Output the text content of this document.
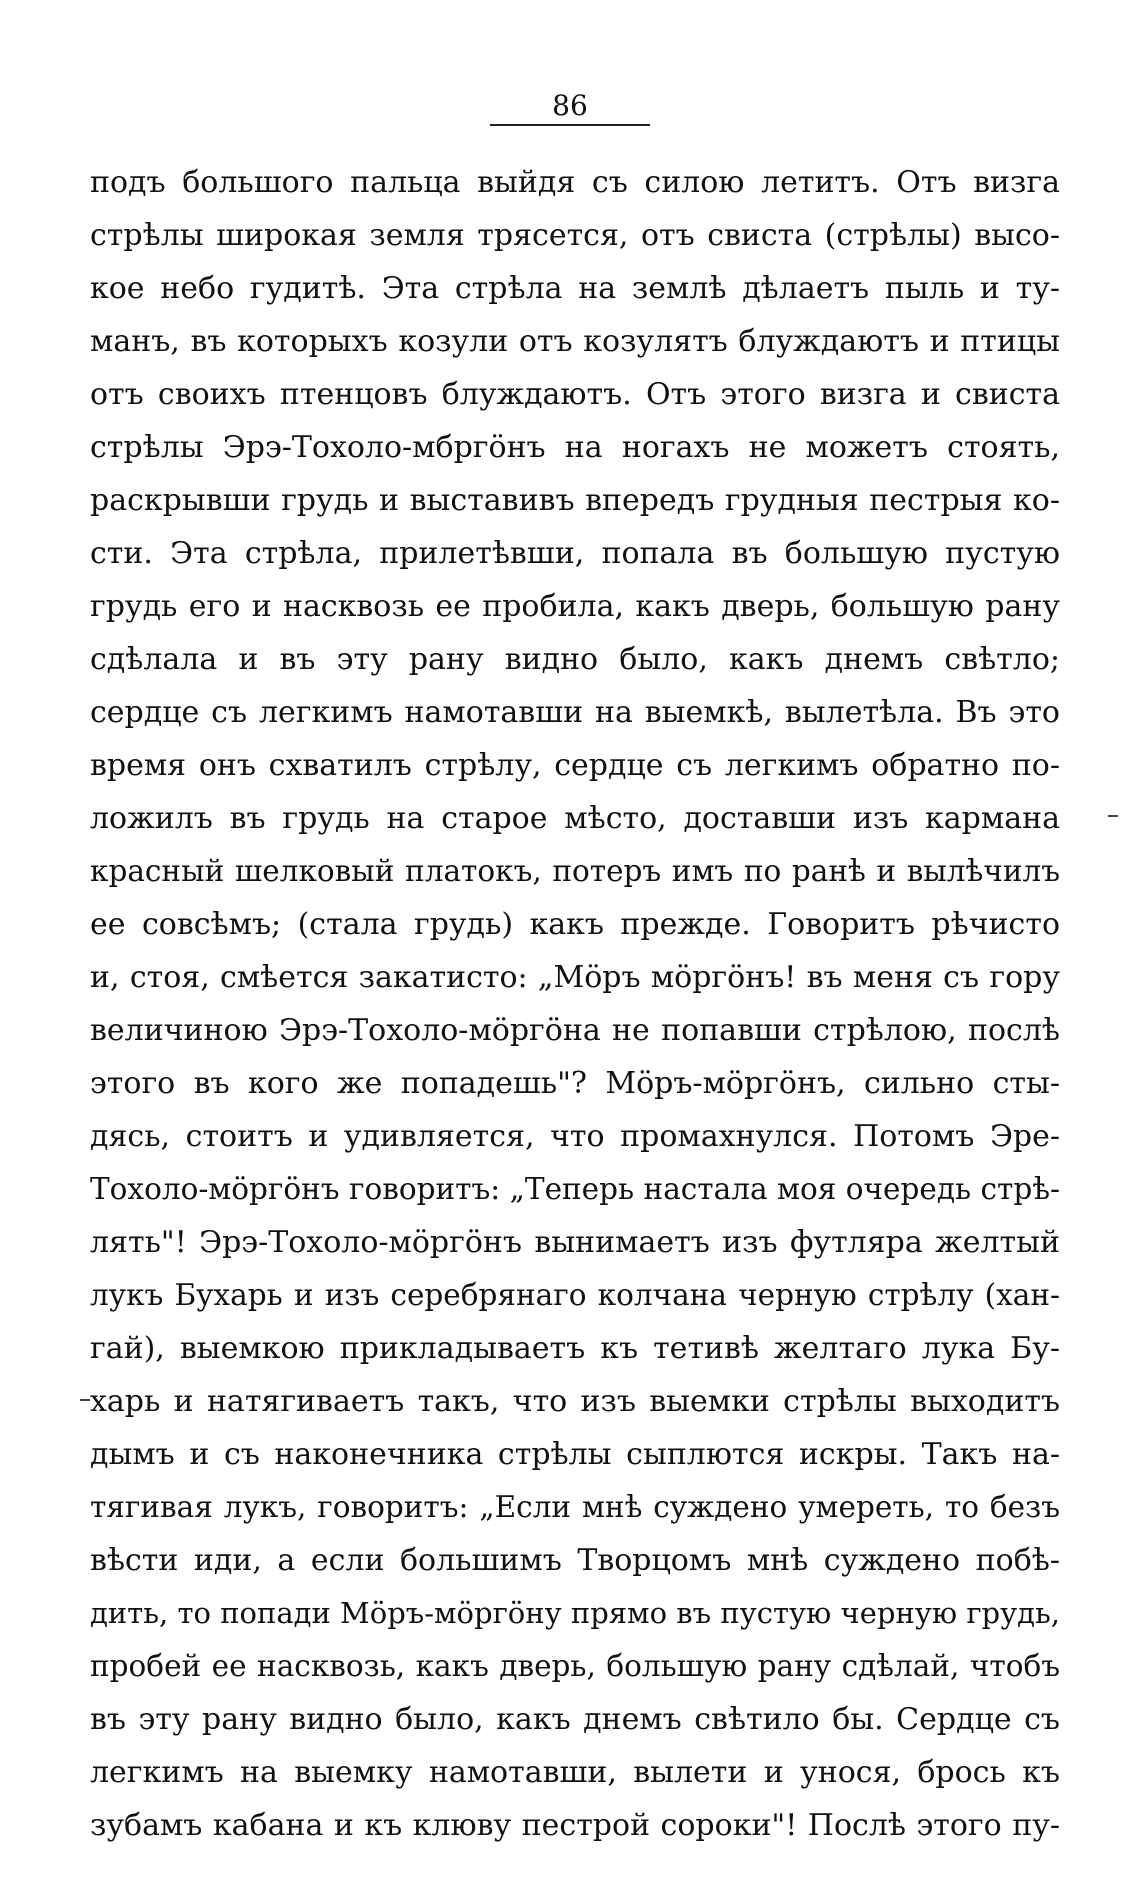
86
подъ большого пальца выйдя съ силою летитъ. Отъ визга
стрѣлы широкая земля трясется, отъ свиста (стрѣлы) высо-
кое небо гудитѣ. Эта стрѣла на землѣ дѣлаетъ пыль и ту-
манъ, въ которыхъ козули отъ козулятъ блуждаютъ и птицы
отъ своихъ птенцовъ блуждаютъ. Отъ этого визга и свиста
стрѣлы Эрэ-Тохоло-мбргöнъ на ногахъ не можетъ стоять,
раскрывши грудь и выставивъ впередъ грудныя пестрыя ко-
сти. Эта стрѣла, прилетѣвши, попала въ большую пустую
грудь его и насквозь ее пробила, какъ дверь, большую рану
сдѣлала и въ эту рану видно было, какъ днемъ свѣтло;
сердце съ легкимъ намотавши на выемкѣ, вылетѣла. Въ это
время онъ схватилъ стрѣлу, сердце съ легкимъ обратно по-
ложилъ въ грудь на старое мѣсто, доставши изъ кармана
красный шелковый платокъ, потеръ имъ по ранѣ и вылѣчилъ
ее совсѣмъ; (стала грудь) какъ прежде. Говоритъ рѣчисто
и, стоя, смѣется закатисто: „Мöръ мöргöнъ! въ меня съ гору
величиною Эрэ-Тохоло-мöргöна не попавши стрѣлою, послѣ
этого въ кого же попадешь"? Мöръ-мöргöнъ, сильно сты-
дясь, стоитъ и удивляется, что промахнулся. Потомъ Эре-
Тохоло-мöргöнъ говоритъ: „Теперь настала моя очередь стрѣ-
лять"! Эрэ-Тохоло-мöргöнъ вынимаетъ изъ футляра желтый
лукъ Бухарь и изъ серебрянаго колчана черную стрѣлу (хан-
гай), выемкою прикладываетъ къ тетивѣ желтаго лука Бу-
харь и натягиваетъ такъ, что изъ выемки стрѣлы выходитъ
дымъ и съ наконечника стрѣлы сыплются искры. Такъ на-
тягивая лукъ, говоритъ: „Если мнѣ суждено умереть, то безъ
вѣсти иди, а если большимъ Творцомъ мнѣ суждено побѣ-
дить, то попади Мöръ-мöргöну прямо въ пустую черную грудь,
пробей ее насквозь, какъ дверь, большую рану сдѣлай, чтобъ
въ эту рану видно было, какъ днемъ свѣтило бы. Сердце съ
легкимъ на выемку намотавши, вылети и унося, брось къ
зубамъ кабана и къ клюву пестрой сороки"! Послѣ этого пу-
